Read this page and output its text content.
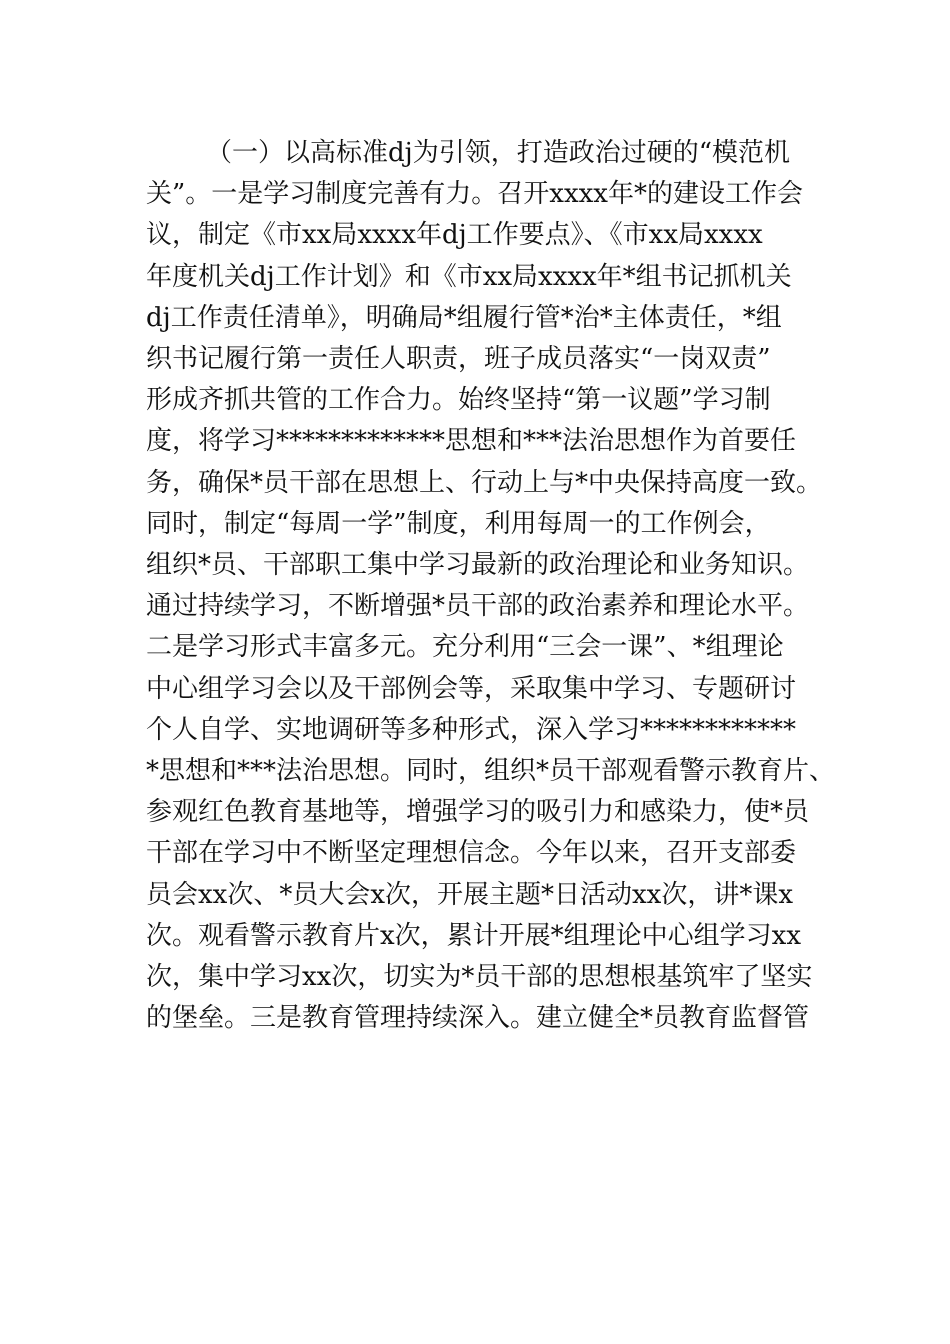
（一）以高标准dj为引领，打造政治过硬的“模范机
关”。一是学习制度完善有力。召开xxxx年*的建设工作会
议，制定《市xx局xxxx年dj工作要点》、《市xx局xxxx
年度机关dj工作计划》和《市xx局xxxx年*组书记抓机关
dj工作责任清单》，明确局*组履行管*治*主体责任，*组
织书记履行第一责任人职责，班子成员落实“一岗双责”
形成齐抓共管的工作合力。始终坚持“第一议题”学习制
度，将学习*************思想和***法治思想作为首要任
务，确保*员干部在思想上、行动上与*中央保持高度一致。
同时，制定“每周一学”制度，利用每周一的工作例会，
组织*员、干部职工集中学习最新的政治理论和业务知识。
通过持续学习，不断增强*员干部的政治素养和理论水平。
二是学习形式丰富多元。充分利用“三会一课”、*组理论
中心组学习会以及干部例会等，采取集中学习、专题研讨
个人自学、实地调研等多种形式，深入学习************
*思想和***法治思想。同时，组织*员干部观看警示教育片、
参观红色教育基地等，增强学习的吸引力和感染力，使*员
干部在学习中不断坚定理想信念。今年以来，召开支部委
员会xx次、*员大会x次，开展主题*日活动xx次，讲*课x
次。观看警示教育片x次，累计开展*组理论中心组学习xx
次，集中学习xx次，切实为*员干部的思想根基筑牢了坚实
的堡垒。三是教育管理持续深入。建立健全*员教育监督管
